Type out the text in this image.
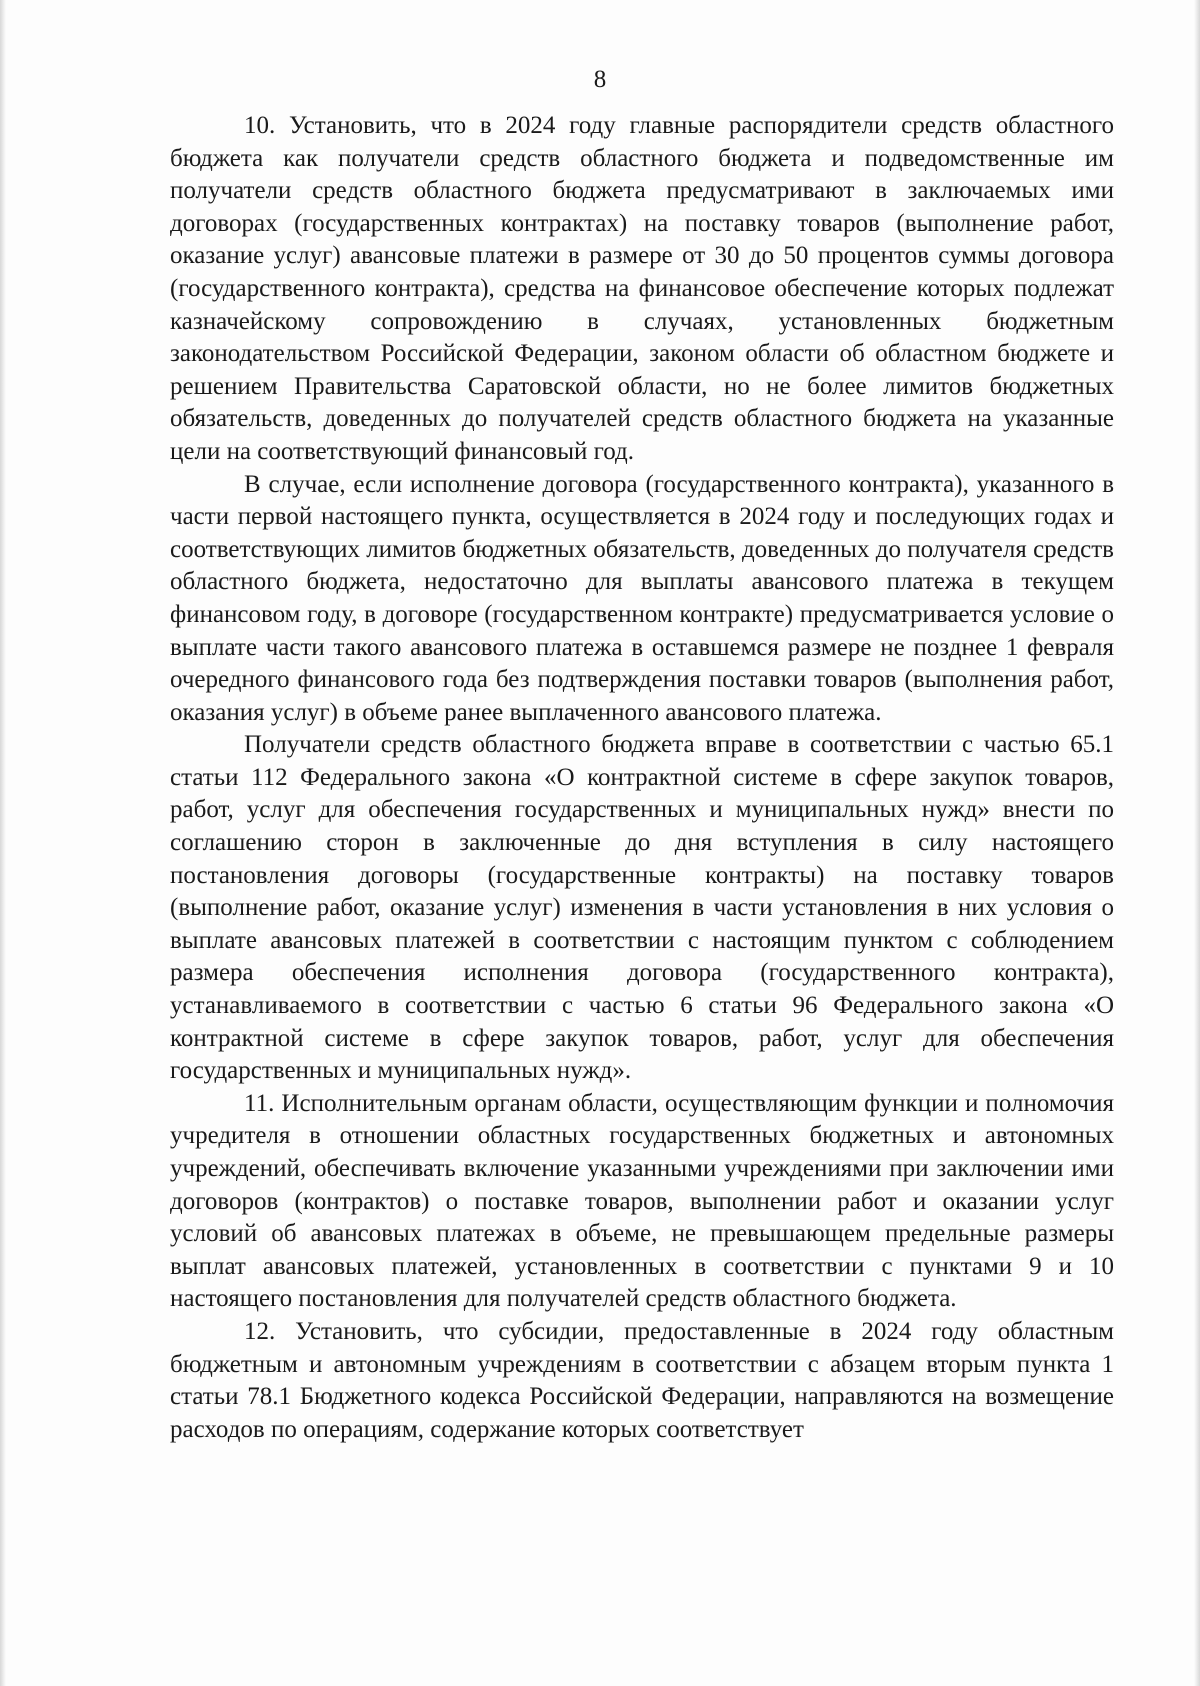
8

10. Установить, что в 2024 году главные распорядители средств областного бюджета как получатели средств областного бюджета и подведомственные им получатели средств областного бюджета предусматривают в заключаемых ими договорах (государственных контрактах) на поставку товаров (выполнение работ, оказание услуг) авансовые платежи в размере от 30 до 50 процентов суммы договора (государственного контракта), средства на финансовое обеспечение которых подлежат казначейскому сопровождению в случаях, установленных бюджетным законодательством Российской Федерации, законом области об областном бюджете и решением Правительства Саратовской области, но не более лимитов бюджетных обязательств, доведенных до получателей средств областного бюджета на указанные цели на соответствующий финансовый год.

В случае, если исполнение договора (государственного контракта), указанного в части первой настоящего пункта, осуществляется в 2024 году и последующих годах и соответствующих лимитов бюджетных обязательств, доведенных до получателя средств областного бюджета, недостаточно для выплаты авансового платежа в текущем финансовом году, в договоре (государственном контракте) предусматривается условие о выплате части такого авансового платежа в оставшемся размере не позднее 1 февраля очередного финансового года без подтверждения поставки товаров (выполнения работ, оказания услуг) в объеме ранее выплаченного авансового платежа.

Получатели средств областного бюджета вправе в соответствии с частью 65.1 статьи 112 Федерального закона «О контрактной системе в сфере закупок товаров, работ, услуг для обеспечения государственных и муниципальных нужд» внести по соглашению сторон в заключенные до дня вступления в силу настоящего постановления договоры (государственные контракты) на поставку товаров (выполнение работ, оказание услуг) изменения в части установления в них условия о выплате авансовых платежей в соответствии с настоящим пунктом с соблюдением размера обеспечения исполнения договора (государственного контракта), устанавливаемого в соответствии с частью 6 статьи 96 Федерального закона «О контрактной системе в сфере закупок товаров, работ, услуг для обеспечения государственных и муниципальных нужд».

11. Исполнительным органам области, осуществляющим функции и полномочия учредителя в отношении областных государственных бюджетных и автономных учреждений, обеспечивать включение указанными учреждениями при заключении ими договоров (контрактов) о поставке товаров, выполнении работ и оказании услуг условий об авансовых платежах в объеме, не превышающем предельные размеры выплат авансовых платежей, установленных в соответствии с пунктами 9 и 10 настоящего постановления для получателей средств областного бюджета.

12. Установить, что субсидии, предоставленные в 2024 году областным бюджетным и автономным учреждениям в соответствии с абзацем вторым пункта 1 статьи 78.1 Бюджетного кодекса Российской Федерации, направляются на возмещение расходов по операциям, содержание которых соответствует
